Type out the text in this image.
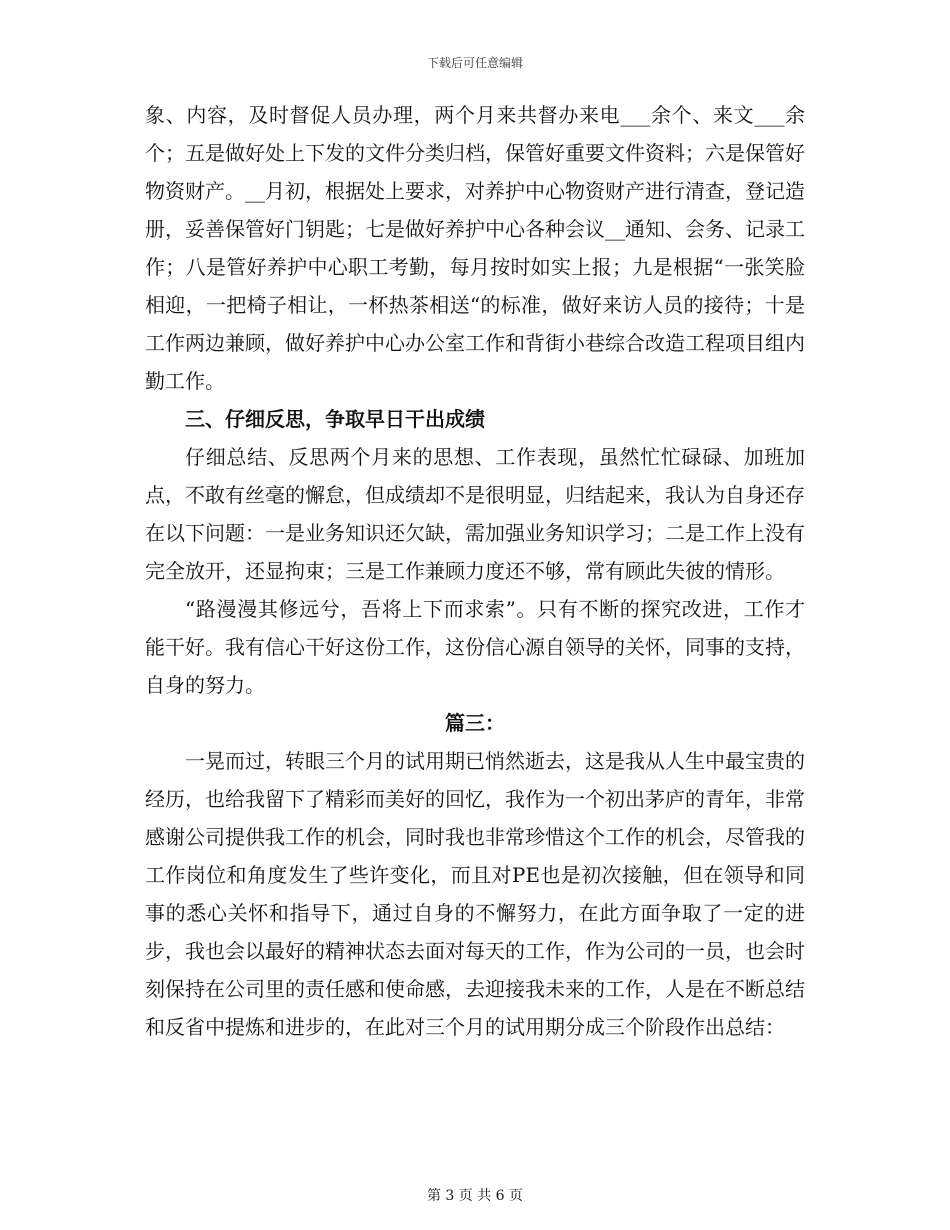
下载后可任意编辑

象、内容，及时督促人员办理，两个月来共督办来电___余个、来文___余个；五是做好处上下发的文件分类归档，保管好重要文件资料；六是保管好物资财产。__月初，根据处上要求，对养护中心物资财产进行清查，登记造册，妥善保管好门钥匙；七是做好养护中心各种会议__通知、会务、记录工作；八是管好养护中心职工考勤，每月按时如实上报；九是根据“一张笑脸相迎，一把椅子相让，一杯热茶相送“的标准，做好来访人员的接待；十是工作两边兼顾，做好养护中心办公室工作和背街小巷综合改造工程项目组内勤工作。

三、仔细反思，争取早日干出成绩

仔细总结、反思两个月来的思想、工作表现，虽然忙忙碌碌、加班加点，不敢有丝毫的懈怠，但成绩却不是很明显，归结起来，我认为自身还存在以下问题：一是业务知识还欠缺，需加强业务知识学习；二是工作上没有完全放开，还显拘束；三是工作兼顾力度还不够，常有顾此失彼的情形。

“路漫漫其修远兮，吾将上下而求索”。只有不断的探究改进，工作才能干好。我有信心干好这份工作，这份信心源自领导的关怀，同事的支持，自身的努力。

篇三：

一晃而过，转眼三个月的试用期已悄然逝去，这是我从人生中最宝贵的经历，也给我留下了精彩而美好的回忆，我作为一个初出茅庐的青年，非常感谢公司提供我工作的机会，同时我也非常珍惜这个工作的机会，尽管我的工作岗位和角度发生了些许变化，而且对PE也是初次接触，但在领导和同事的悉心关怀和指导下，通过自身的不懈努力，在此方面争取了一定的进步，我也会以最好的精神状态去面对每天的工作，作为公司的一员，也会时刻保持在公司里的责任感和使命感，去迎接我未来的工作，人是在不断总结和反省中提炼和进步的，在此对三个月的试用期分成三个阶段作出总结：

第 3 页 共 6 页
